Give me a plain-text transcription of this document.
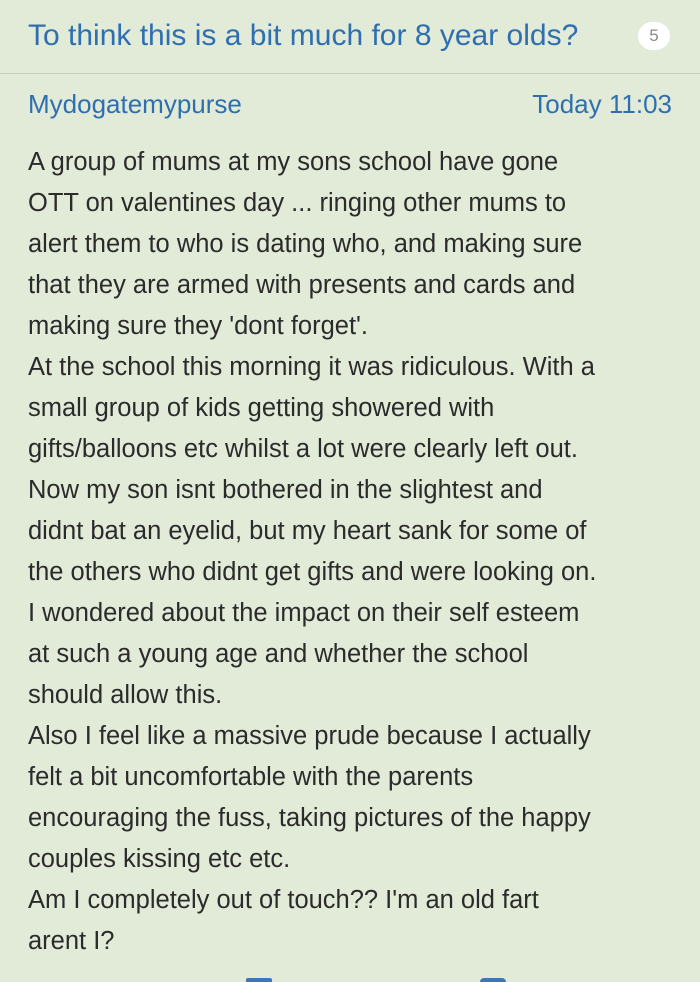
To think this is a bit much for 8 year olds?	5
Mydogatemypurse	Today 11:03
A group of mums at my sons school have gone
OTT on valentines day ... ringing other mums to
alert them to who is dating who, and making sure
that they are armed with presents and cards and
making sure they 'dont forget'.
At the school this morning it was ridiculous. With a
small group of kids getting showered with
gifts/balloons etc whilst a lot were clearly left out.
Now my son isnt bothered in the slightest and
didnt bat an eyelid, but my heart sank for some of
the others who didnt get gifts and were looking on.
I wondered about the impact on their self esteem
at such a young age and whether the school
should allow this.
Also I feel like a massive prude because I actually
felt a bit uncomfortable with the parents
encouraging the fuss, taking pictures of the happy
couples kissing etc etc.
Am I completely out of touch?? I'm an old fart
arent I?
